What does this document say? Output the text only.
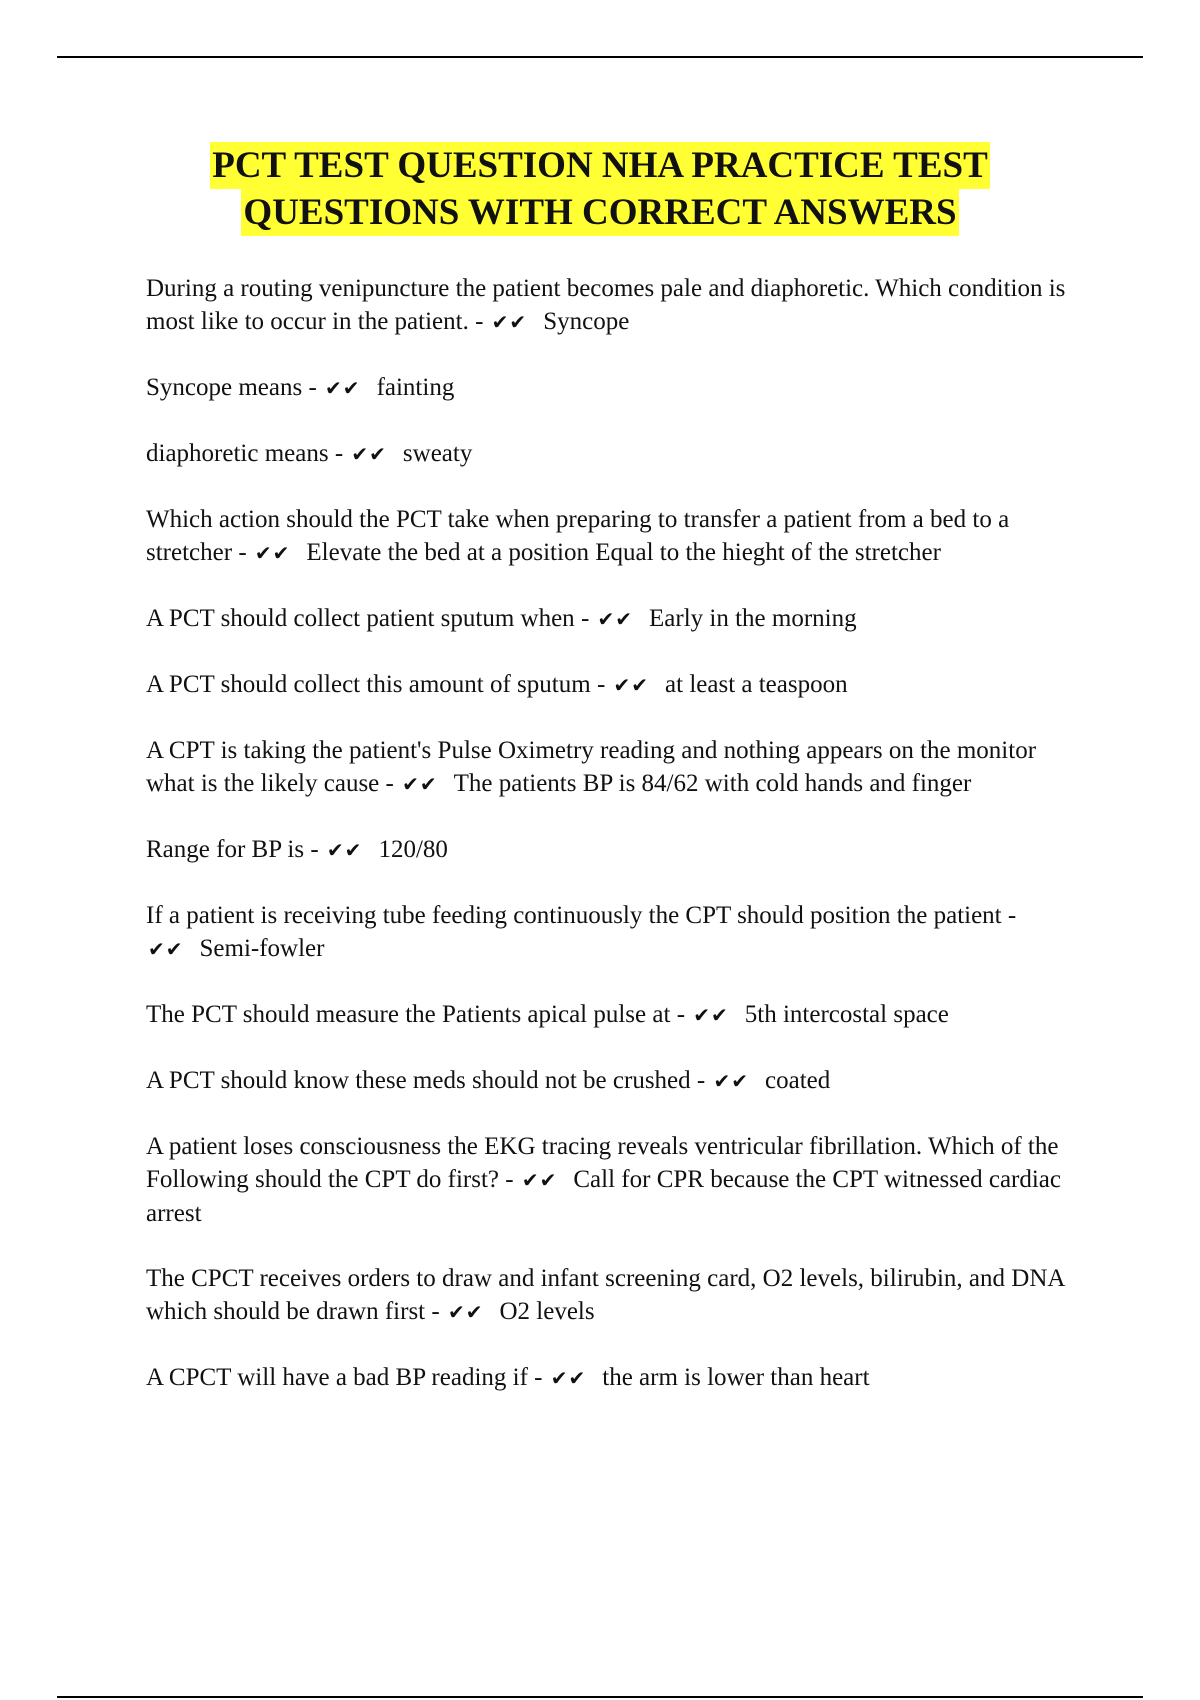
PCT TEST QUESTION NHA PRACTICE TEST
QUESTIONS WITH CORRECT ANSWERS

During a routing venipuncture the patient becomes pale and diaphoretic. Which condition is most like to occur in the patient. - ✔✔ Syncope

Syncope means - ✔✔ fainting

diaphoretic means - ✔✔ sweaty

Which action should the PCT take when preparing to transfer a patient from a bed to a stretcher - ✔✔ Elevate the bed at a position Equal to the hieght of the stretcher

A PCT should collect patient sputum when - ✔✔ Early in the morning

A PCT should collect this amount of sputum - ✔✔ at least a teaspoon

A CPT is taking the patient's Pulse Oximetry reading and nothing appears on the monitor what is the likely cause - ✔✔ The patients BP is 84/62 with cold hands and finger

Range for BP is - ✔✔ 120/80

If a patient is receiving tube feeding continuously the CPT should position the patient - ✔✔ Semi-fowler

The PCT should measure the Patients apical pulse at - ✔✔ 5th intercostal space

A PCT should know these meds should not be crushed - ✔✔ coated

A patient loses consciousness the EKG tracing reveals ventricular fibrillation. Which of the Following should the CPT do first? - ✔✔ Call for CPR because the CPT witnessed cardiac arrest

The CPCT receives orders to draw and infant screening card, O2 levels, bilirubin, and DNA which should be drawn first - ✔✔ O2 levels

A CPCT will have a bad BP reading if - ✔✔ the arm is lower than heart
